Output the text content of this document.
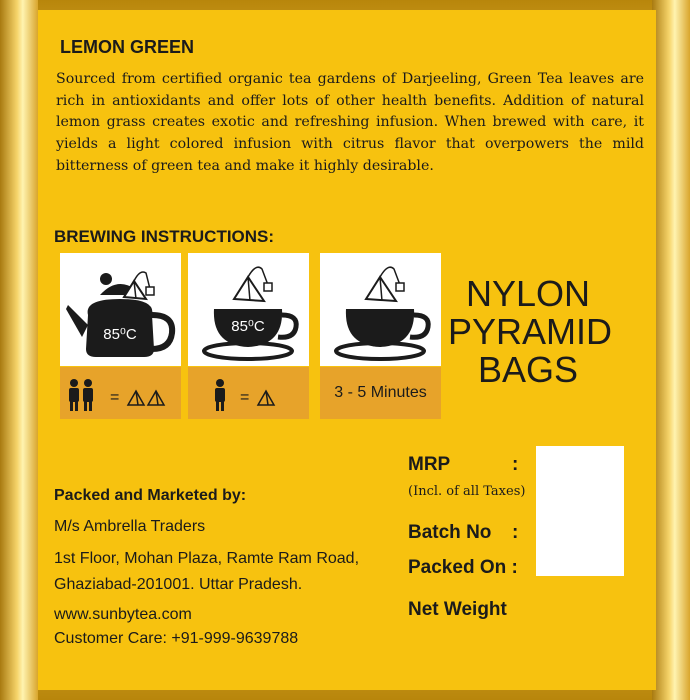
LEMON GREEN
Sourced from certified organic tea gardens of Darjeeling, Green Tea leaves are rich in antioxidants and offer lots of other health benefits. Addition of natural lemon grass creates exotic and refreshing infusion. When brewed with care, it yields a light colored infusion with citrus flavor that overpowers the mild bitterness of green tea and make it highly desirable.
BREWING INSTRUCTIONS:
85⁰C
=
85⁰C
=	3 - 5 Minutes
NYLON
PYRAMID
BAGS
Packed and Marketed by:
M/s Ambrella Traders
1st Floor, Mohan Plaza, Ramte Ram Road,
Ghaziabad-201001. Uttar Pradesh.
www.sunbytea.com
Customer Care: +91-999-9639788
MRP	:
(Incl. of all Taxes)
Batch No :
Packed On :
Net Weight
